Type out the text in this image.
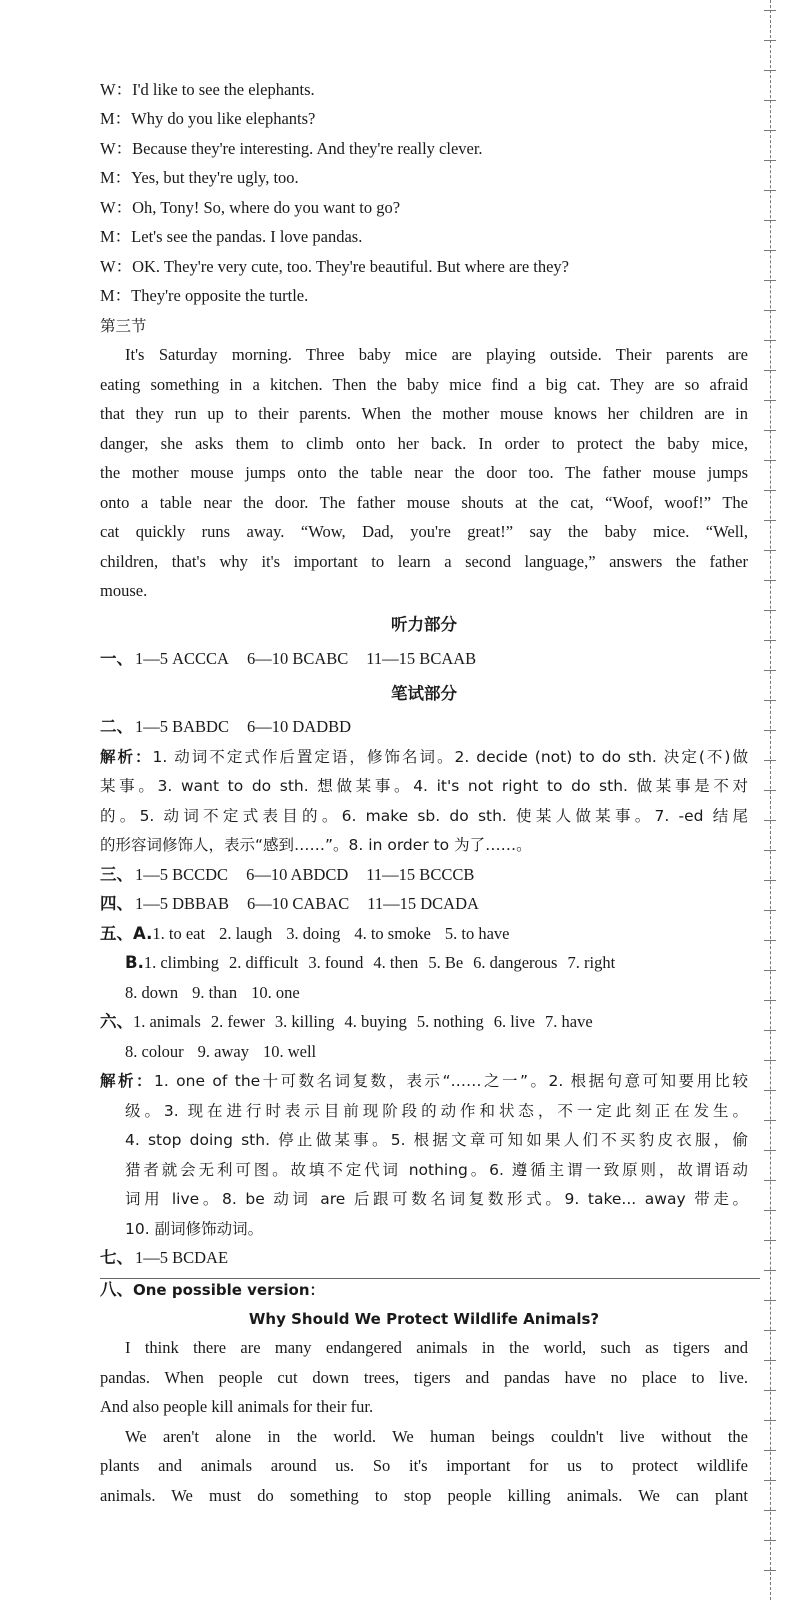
W：I'd like to see the elephants.
M：Why do you like elephants?
W：Because they're interesting. And they're really clever.
M：Yes, but they're ugly, too.
W：Oh, Tony! So, where do you want to go?
M：Let's see the pandas. I love pandas.
W：OK. They're very cute, too. They're beautiful. But where are they?
M：They're opposite the turtle.
第三节
It's Saturday morning. Three baby mice are playing outside. Their parents are
eating something in a kitchen. Then the baby mice find a big cat. They are so afraid
that they run up to their parents. When the mother mouse knows her children are in
danger, she asks them to climb onto her back. In order to protect the baby mice,
the mother mouse jumps onto the table near the door too. The father mouse jumps
onto a table near the door. The father mouse shouts at the cat, “Woof, woof!” The
cat quickly runs away. “Wow, Dad, you're great!” say the baby mice. “Well,
children, that's why it's important to learn a second language,” answers the father
mouse.
听力部分
一、 1—5 ACCCA 6—10 BCABC 11—15 BCAAB
笔试部分
二、 1—5 BABDC 6—10 DADBD
解析：1. 动词不定式作后置定语，修饰名词。2. decide (not) to do sth. 决定(不)做
某事。3. want to do sth. 想做某事。4. it's not right to do sth. 做某事是不对
的。5. 动词不定式表目的。6. make sb. do sth. 使某人做某事。7. -ed 结尾
的形容词修饰人，表示“感到……”。8. in order to 为了……。
三、 1—5 BCCDC 6—10 ABDCD 11—15 BCCCB
四、 1—5 DBBAB 6—10 CABAC 11—15 DCADA
五、A.1. to eat 2. laugh 3. doing 4. to smoke 5. to have
B.1. climbing 2. difficult 3. found 4. then 5. Be 6. dangerous 7. right
8. down 9. than 10. one
六、1. animals 2. fewer 3. killing 4. buying 5. nothing 6. live 7. have
8. colour 9. away 10. well
解析：1. one of the十可数名词复数，表示“……之一”。2. 根据句意可知要用比较
级。3. 现在进行时表示目前现阶段的动作和状态，不一定此刻正在发生。
4. stop doing sth. 停止做某事。5. 根据文章可知如果人们不买豹皮衣服，偷
猎者就会无利可图。故填不定代词 nothing。6. 遵循主谓一致原则，故谓语动
词用 live。8. be 动词 are 后跟可数名词复数形式。9. take... away 带走。
10. 副词修饰动词。
七、 1—5 BCDAE
八、One possible version：
Why Should We Protect Wildlife Animals?
I think there are many endangered animals in the world, such as tigers and
pandas. When people cut down trees, tigers and pandas have no place to live.
And also people kill animals for their fur.
We aren't alone in the world. We human beings couldn't live without the
plants and animals around us. So it's important for us to protect wildlife
animals. We must do something to stop people killing animals. We can plant
